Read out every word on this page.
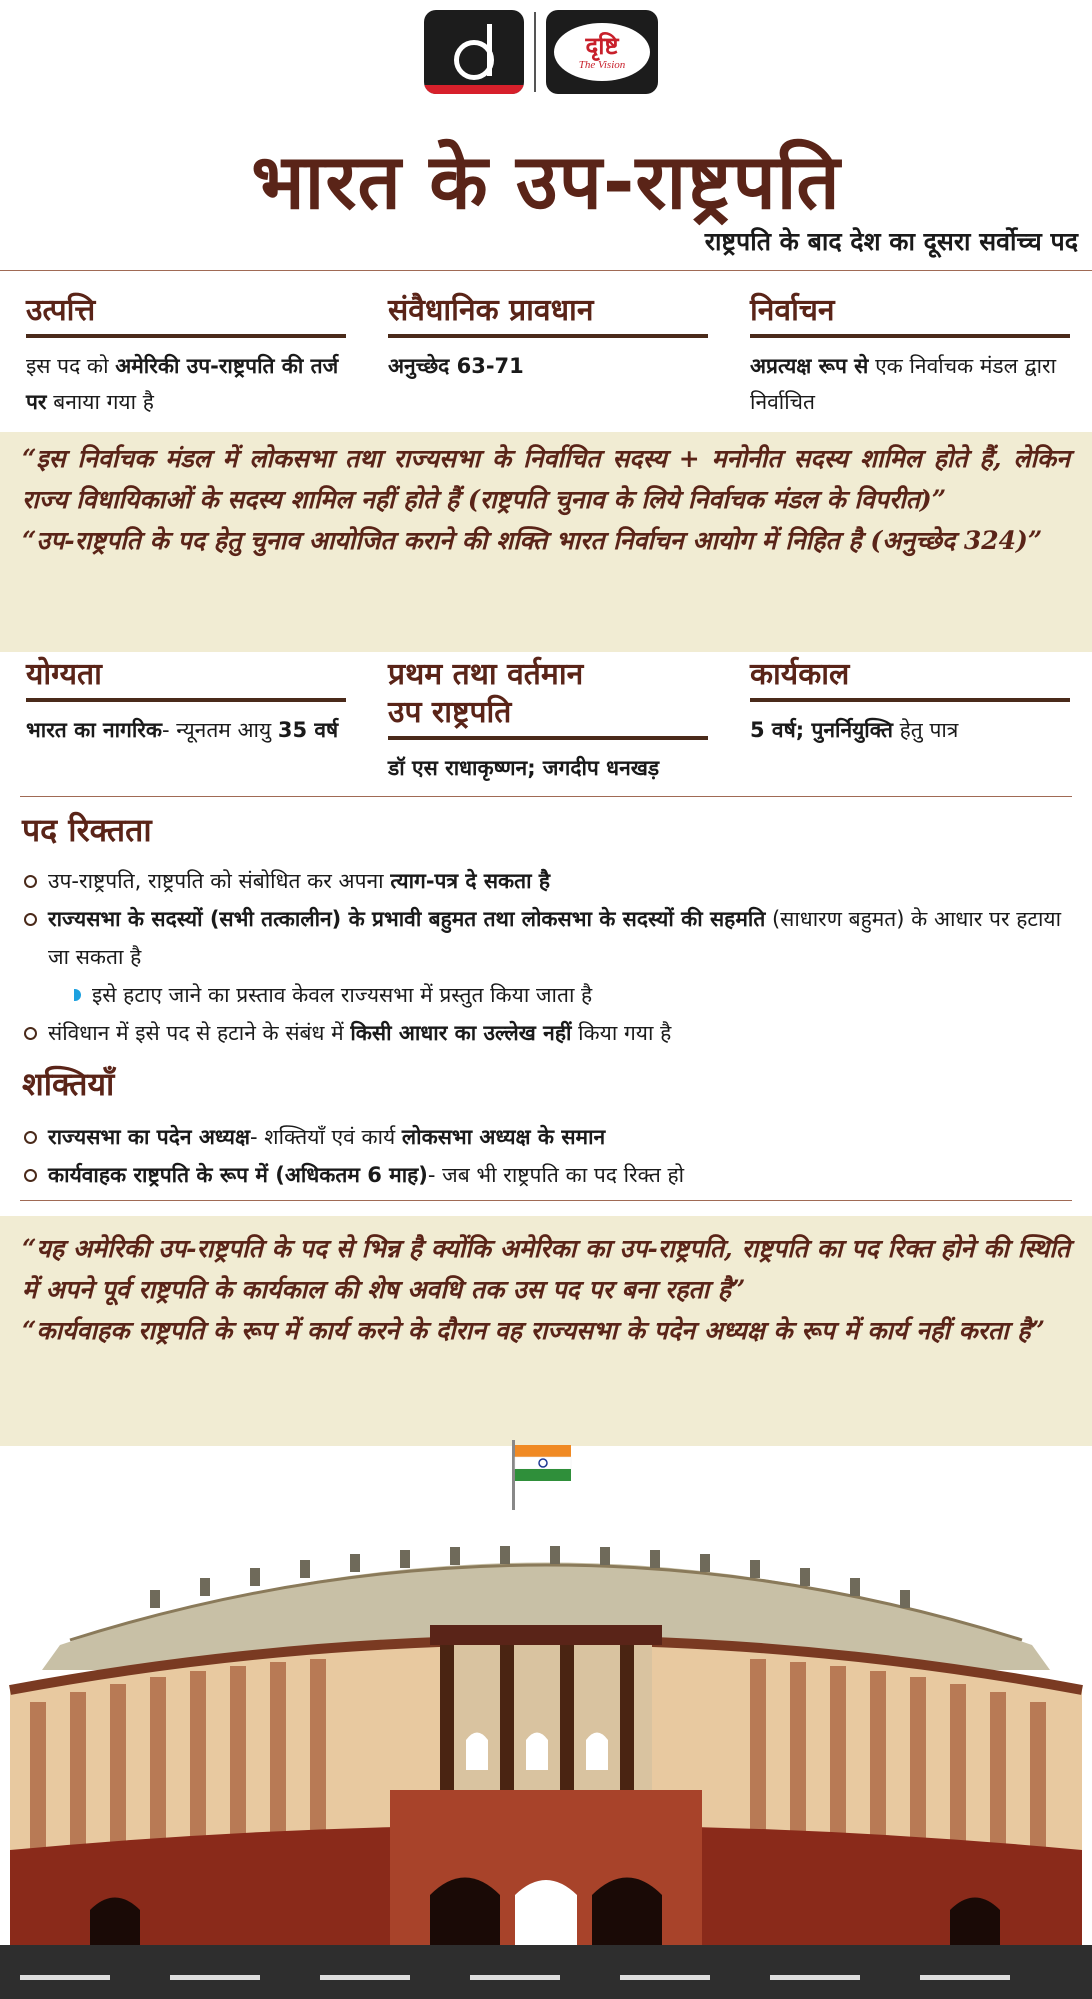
दृष्टि
The Vision
भारत के उप-राष्ट्रपति
राष्ट्रपति के बाद देश का दूसरा सर्वोच्च पद
उत्पत्ति
इस पद को अमेरिकी उप-राष्ट्रपति की तर्ज पर बनाया गया है
संवैधानिक प्रावधान
अनुच्छेद 63-71
निर्वाचन
अप्रत्यक्ष रूप से एक निर्वाचक मंडल द्वारा निर्वाचित
“इस निर्वाचक मंडल में लोकसभा तथा राज्यसभा के निर्वाचित सदस्य + मनोनीत सदस्य शामिल होते हैं, लेकिन राज्य विधायिकाओं के सदस्य शामिल नहीं होते हैं (राष्ट्रपति चुनाव के लिये निर्वाचक मंडल के विपरीत)”
“उप-राष्ट्रपति के पद हेतु चुनाव आयोजित कराने की शक्ति भारत निर्वाचन आयोग में निहित है (अनुच्छेद 324)”
योग्यता
भारत का नागरिक- न्यूनतम आयु 35 वर्ष
प्रथम तथा वर्तमान
उप राष्ट्रपति
डॉ एस राधाकृष्णन; जगदीप धनखड़
कार्यकाल
5 वर्ष; पुनर्नियुक्ति हेतु पात्र
पद रिक्तता
उप-राष्ट्रपति, राष्ट्रपति को संबोधित कर अपना त्याग-पत्र दे सकता है
राज्यसभा के सदस्यों (सभी तत्कालीन) के प्रभावी बहुमत तथा लोकसभा के सदस्यों की सहमति (साधारण बहुमत) के आधार पर हटाया जा सकता है
इसे हटाए जाने का प्रस्ताव केवल राज्यसभा में प्रस्तुत किया जाता है
संविधान में इसे पद से हटाने के संबंध में किसी आधार का उल्लेख नहीं किया गया है
शक्तियाँ
राज्यसभा का पदेन अध्यक्ष- शक्तियाँ एवं कार्य लोकसभा अध्यक्ष के समान
कार्यवाहक राष्ट्रपति के रूप में (अधिकतम 6 माह)- जब भी राष्ट्रपति का पद रिक्त हो
“यह अमेरिकी उप-राष्ट्रपति के पद से भिन्न है क्योंकि अमेरिका का उप-राष्ट्रपति, राष्ट्रपति का पद रिक्त होने की स्थिति में अपने पूर्व राष्ट्रपति के कार्यकाल की शेष अवधि तक उस पद पर बना रहता है”
“कार्यवाहक राष्ट्रपति के रूप में कार्य करने के दौरान वह राज्यसभा के पदेन अध्यक्ष के रूप में कार्य नहीं करता है”
